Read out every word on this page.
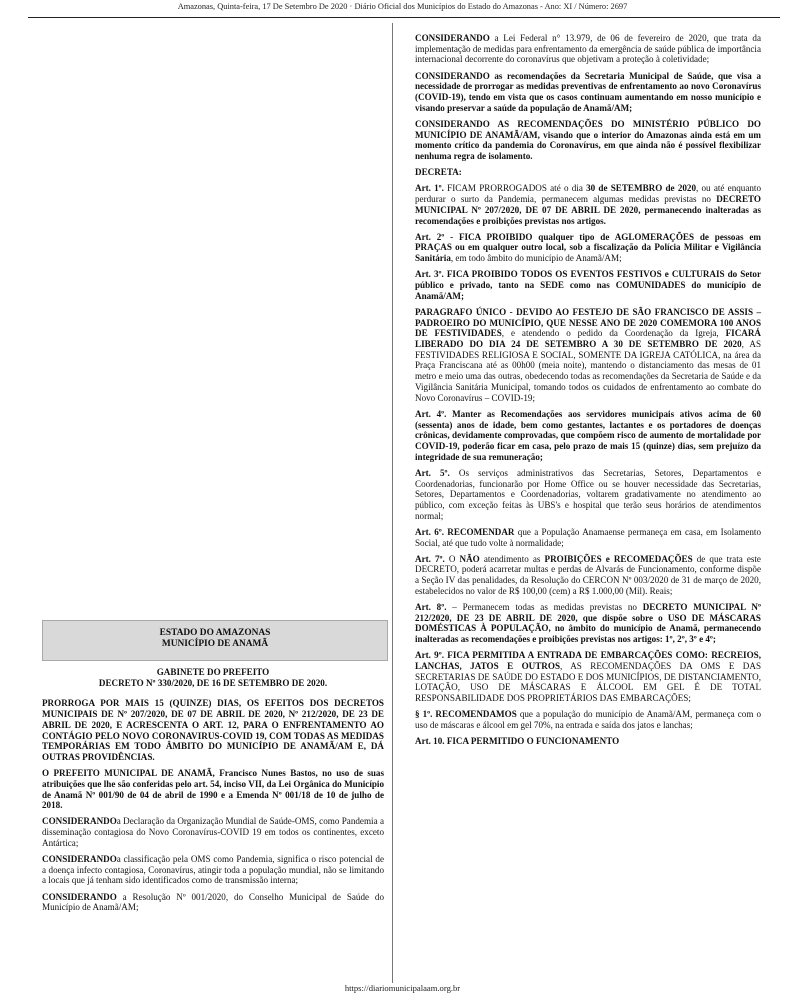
Amazonas, Quinta-feira, 17 De Setembro De 2020 · Diário Oficial dos Municípios do Estado do Amazonas - Ano: XI / Número: 2697

CONSIDERANDO a Lei Federal n° 13.979, de 06 de fevereiro de 2020, que trata da implementação de medidas para enfrentamento da emergência de saúde pública de importância internacional decorrente do coronavírus que objetivam a proteção à coletividade;

CONSIDERANDO as recomendações da Secretaria Municipal de Saúde, que visa a necessidade de prorrogar as medidas preventivas de enfrentamento ao novo Coronavírus (COVID-19), tendo em vista que os casos continuam aumentando em nosso município e visando preservar a saúde da população de Anamã/AM;

CONSIDERANDO AS RECOMENDAÇÕES DO MINISTÉRIO PÚBLICO DO MUNICÍPIO DE ANAMÃ/AM, visando que o interior do Amazonas ainda está em um momento crítico da pandemia do Coronavírus, em que ainda não é possível flexibilizar nenhuma regra de isolamento.

DECRETA:

Art. 1º. FICAM PRORROGADOS até o dia 30 de SETEMBRO de 2020, ou até enquanto perdurar o surto da Pandemia, permanecem algumas medidas previstas no DECRETO MUNICIPAL Nº 207/2020, DE 07 DE ABRIL DE 2020, permanecendo inalteradas as recomendações e proibições previstas nos artigos.

Art. 2º - FICA PROIBIDO qualquer tipo de AGLOMERAÇÕES de pessoas em PRAÇAS ou em qualquer outro local, sob a fiscalização da Polícia Militar e Vigilância Sanitária, em todo âmbito do município de Anamã/AM;

Art. 3º. FICA PROIBIDO TODOS OS EVENTOS FESTIVOS e CULTURAIS do Setor público e privado, tanto na SEDE como nas COMUNIDADES do município de Anamã/AM;

PARAGRAFO ÚNICO - DEVIDO AO FESTEJO DE SÃO FRANCISCO DE ASSIS – PADROEIRO DO MUNICÍPIO, QUE NESSE ANO DE 2020 COMEMORA 100 ANOS DE FESTIVIDADES, e atendendo o pedido da Coordenação da Igreja, FICARÁ LIBERADO DO DIA 24 DE SETEMBRO A 30 DE SETEMBRO DE 2020, AS FESTIVIDADES RELIGIOSA E SOCIAL, SOMENTE DA IGREJA CATÓLICA, na área da Praça Franciscana até as 00h00 (meia noite), mantendo o distanciamento das mesas de 01 metro e meio uma das outras, obedecendo todas as recomendações da Secretaria de Saúde e da Vigilância Sanitária Municipal, tomando todos os cuidados de enfrentamento ao combate do Novo Coronavírus – COVID-19;

Art. 4º. Manter as Recomendações aos servidores municipais ativos acima de 60 (sessenta) anos de idade, bem como gestantes, lactantes e os portadores de doenças crônicas, devidamente comprovadas, que compõem risco de aumento de mortalidade por COVID-19, poderão ficar em casa, pelo prazo de mais 15 (quinze) dias, sem prejuízo da integridade de sua remuneração;

Art. 5º. Os serviços administrativos das Secretarias, Setores, Departamentos e Coordenadorias, funcionarão por Home Office ou se houver necessidade das Secretarias, Setores, Departamentos e Coordenadorias, voltarem gradativamente no atendimento ao público, com exceção feitas às UBS's e hospital que terão seus horários de atendimentos normal;

Art. 6º. RECOMENDAR que a População Anamaense permaneça em casa, em Isolamento Social, até que tudo volte à normalidade;

Art. 7º. O NÃO atendimento as PROIBIÇÕES e RECOMEDAÇÕES de que trata este DECRETO, poderá acarretar multas e perdas de Alvarás de Funcionamento, conforme dispõe a Seção IV das penalidades, da Resolução do CERCON Nº 003/2020 de 31 de março de 2020, estabelecidos no valor de R$ 100,00 (cem) a R$ 1.000,00 (Mil). Reais;

Art. 8º. – Permanecem todas as medidas previstas no DECRETO MUNICIPAL Nº 212/2020, DE 23 DE ABRIL DE 2020, que dispõe sobre o USO DE MÁSCARAS DOMÉSTICAS À POPULAÇÃO, no âmbito do município de Anamã, permanecendo inalteradas as recomendações e proibições previstas nos artigos: 1º, 2º, 3º e 4º;

Art. 9º. FICA PERMITIDA A ENTRADA DE EMBARCAÇÕES COMO: RECREIOS, LANCHAS, JATOS E OUTROS, AS RECOMENDAÇÕES DA OMS E DAS SECRETARIAS DE SAÚDE DO ESTADO E DOS MUNICÍPIOS, DE DISTANCIAMENTO, LOTAÇÃO, USO DE MÁSCARAS E ÁLCOOL EM GEL É DE TOTAL RESPONSABILIDADE DOS PROPRIETÁRIOS DAS EMBARCAÇÕES;

§ 1º. RECOMENDAMOS que a população do município de Anamã/AM, permaneça com o uso de máscaras e álcool em gel 70%, na entrada e saída dos jatos e lanchas;

Art. 10. FICA PERMITIDO O FUNCIONAMENTO

ESTADO DO AMAZONAS
MUNICÍPIO DE ANAMÃ
GABINETE DO PREFEITO
DECRETO Nº 330/2020, DE 16 DE SETEMBRO DE 2020.

PRORROGA POR MAIS 15 (QUINZE) DIAS, OS EFEITOS DOS DECRETOS MUNICIPAIS DE Nº 207/2020, DE 07 DE ABRIL DE 2020, Nº 212/2020, DE 23 DE ABRIL DE 2020, E ACRESCENTA O ART. 12, PARA O ENFRENTAMENTO AO CONTÁGIO PELO NOVO CORONAVIRUS-COVID 19, COM TODAS AS MEDIDAS TEMPORÁRIAS EM TODO ÂMBITO DO MUNICÍPIO DE ANAMÃ/AM E, DÁ OUTRAS PROVIDÊNCIAS.

O PREFEITO MUNICIPAL DE ANAMÃ, Francisco Nunes Bastos, no uso de suas atribuições que lhe são conferidas pelo art. 54, inciso VII, da Lei Orgânica do Município de Anamã Nº 001/90 de 04 de abril de 1990 e a Emenda Nº 001/18 de 10 de julho de 2018.

CONSIDERANDOa Declaração da Organização Mundial de Saúde-OMS, como Pandemia a disseminação contagiosa do Novo Coronavírus-COVID 19 em todos os continentes, exceto Antártica;

CONSIDERANDOa classificação pela OMS como Pandemia, significa o risco potencial de a doença infecto contagiosa, Coronavírus, atingir toda a população mundial, não se limitando a locais que já tenham sido identificados como de transmissão interna;

CONSIDERANDO a Resolução Nº 001/2020, do Conselho Municipal de Saúde do Município de Anamã/AM;

https://diariomunicipalaam.org.br
